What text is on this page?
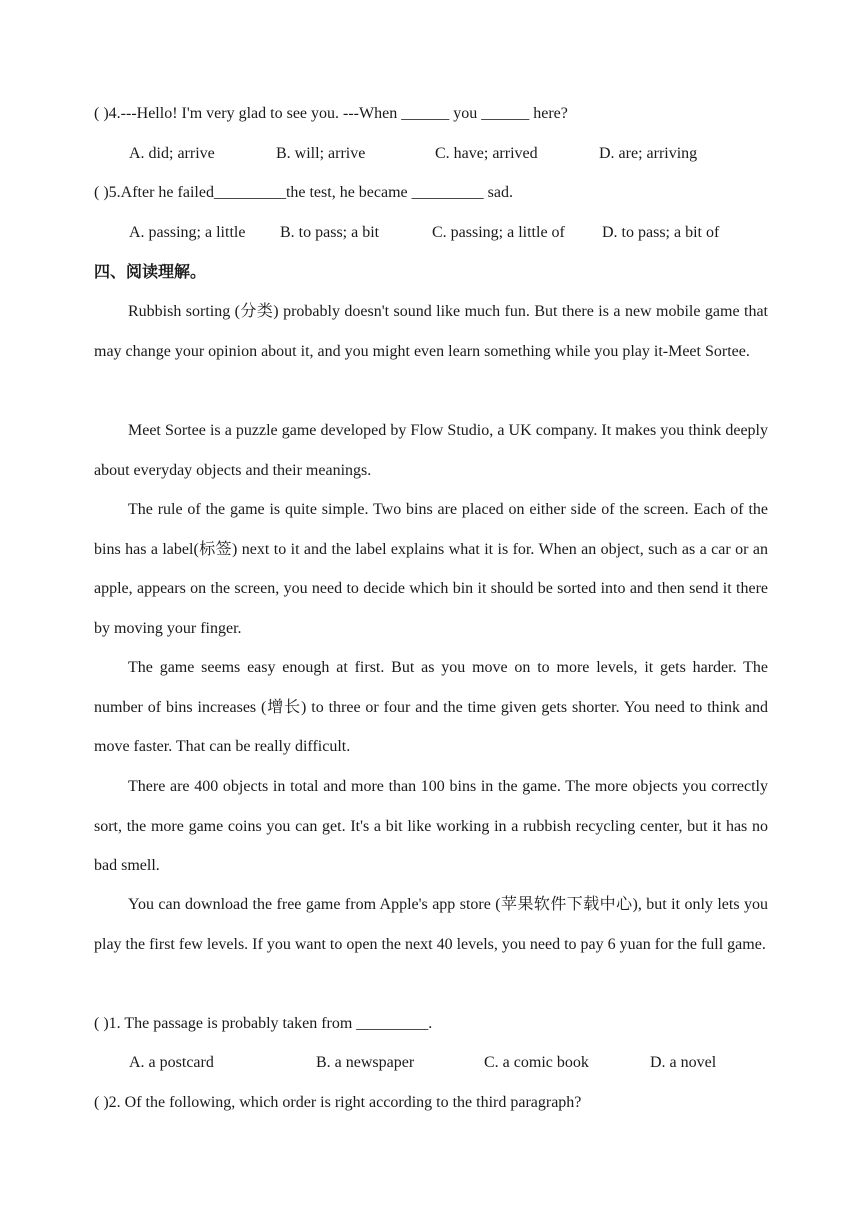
( )4.---Hello! I'm very glad to see you. ---When ______ you ______ here?
A. did; arrive	B. will; arrive	C. have; arrived	D. are; arriving
( )5.After he failed_________the test, he became _________ sad.
A. passing; a little B. to pass; a bit	C. passing; a little of D. to pass; a bit of
四、阅读理解。

Rubbish sorting (分类) probably doesn't sound like much fun. But there is a new mobile game that may change your opinion about it, and you might even learn something while you play it-Meet Sortee.

Meet Sortee is a puzzle game developed by Flow Studio, a UK company. It makes you think deeply about everyday objects and their meanings.

The rule of the game is quite simple. Two bins are placed on either side of the screen. Each of the bins has a label(标签) next to it and the label explains what it is for. When an object, such as a car or an apple, appears on the screen, you need to decide which bin it should be sorted into and then send it there by moving your finger.

The game seems easy enough at first. But as you move on to more levels, it gets harder. The number of bins increases (增长) to three or four and the time given gets shorter. You need to think and move faster. That can be really difficult.

There are 400 objects in total and more than 100 bins in the game. The more objects you correctly sort, the more game coins you can get. It's a bit like working in a rubbish recycling center, but it has no bad smell.

You can download the free game from Apple's app store (苹果软件下载中心), but it only lets you play the first few levels. If you want to open the next 40 levels, you need to pay 6 yuan for the full game.

( )1. The passage is probably taken from _________.
A. a postcard	B. a newspaper	C. a comic book	D. a novel
( )2. Of the following, which order is right according to the third paragraph?
